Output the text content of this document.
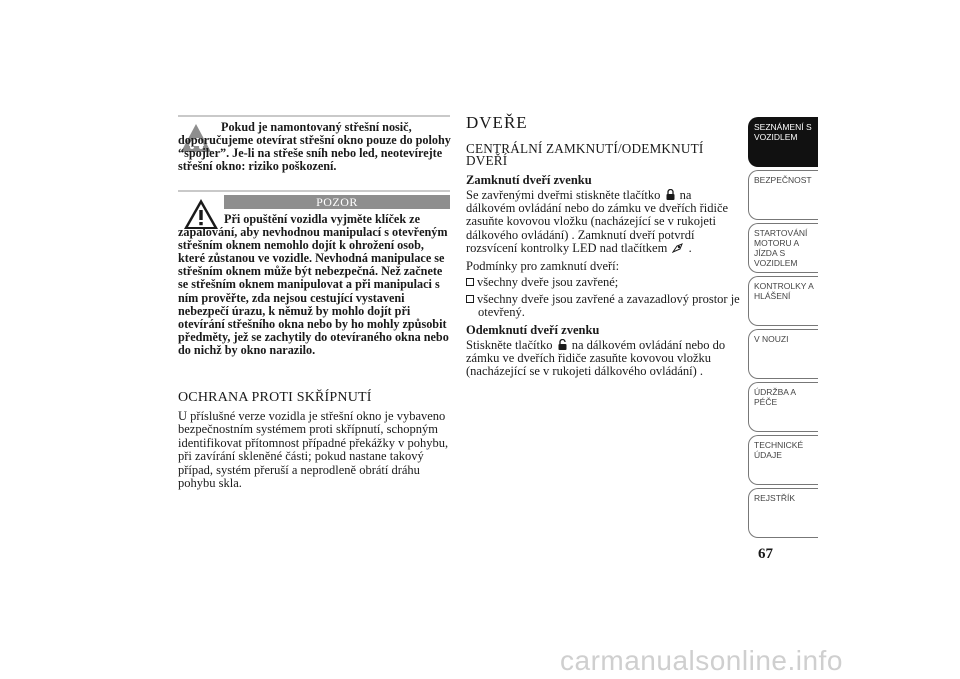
Pokud je namontovaný střešní nosič, doporučujeme otevírat střešní okno pouze do polohy “spojler”. Je-li na střeše sníh nebo led, neotevírejte střešní okno: riziko poškození.

POZOR

Při opuštění vozidla vyjměte klíček ze zapalování, aby nevhodnou manipulací s otevřeným střešním oknem nemohlo dojít k ohrožení osob, které zůstanou ve vozidle. Nevhodná manipulace se střešním oknem může být nebezpečná. Než začnete se střešním oknem manipulovat a při manipulaci s ním prověřte, zda nejsou cestující vystaveni nebezpečí úrazu, k němuž by mohlo dojít při otevírání střešního okna nebo by ho mohly způsobit předměty, jež se zachytily do otevíraného okna nebo do nichž by okno narazilo.

OCHRANA PROTI SKŘÍPNUTÍ

U příslušné verze vozidla je střešní okno je vybaveno bezpečnostním systémem proti skřípnutí, schopným identifikovat přítomnost případné překážky v pohybu, při zavírání skleněné části; pokud nastane takový případ, systém přeruší a neprodleně obrátí dráhu pohybu skla.

DVEŘE
CENTRÁLNÍ ZAMKNUTÍ/ODEMKNUTÍ DVEŘÍ

Zamknutí dveří zvenku

Se zavřenými dveřmi stiskněte tlačítko na dálkovém ovládání nebo do zámku ve dveřích řidiče zasuňte kovovou vložku (nacházející se v rukojeti dálkového ovládání) . Zamknutí dveří potvrdí rozsvícení kontrolky LED nad tlačítkem .

Podmínky pro zamknutí dveří:

všechny dveře jsou zavřené;

všechny dveře jsou zavřené a zavazadlový prostor je otevřený.

Odemknutí dveří zvenku

Stiskněte tlačítko na dálkovém ovládání nebo do zámku ve dveřích řidiče zasuňte kovovou vložku (nacházející se v rukojeti dálkového ovládání) .

SEZNÁMENÍ S VOZIDLEM
BEZPEČNOST
STARTOVÁNÍ MOTORU A JÍZDA S VOZIDLEM
KONTROLKY A HLÁŠENÍ
V NOUZI
ÚDRŽBA A PÉČE
TECHNICKÉ ÚDAJE
REJSTŘÍK
67
carmanualsonline.info
